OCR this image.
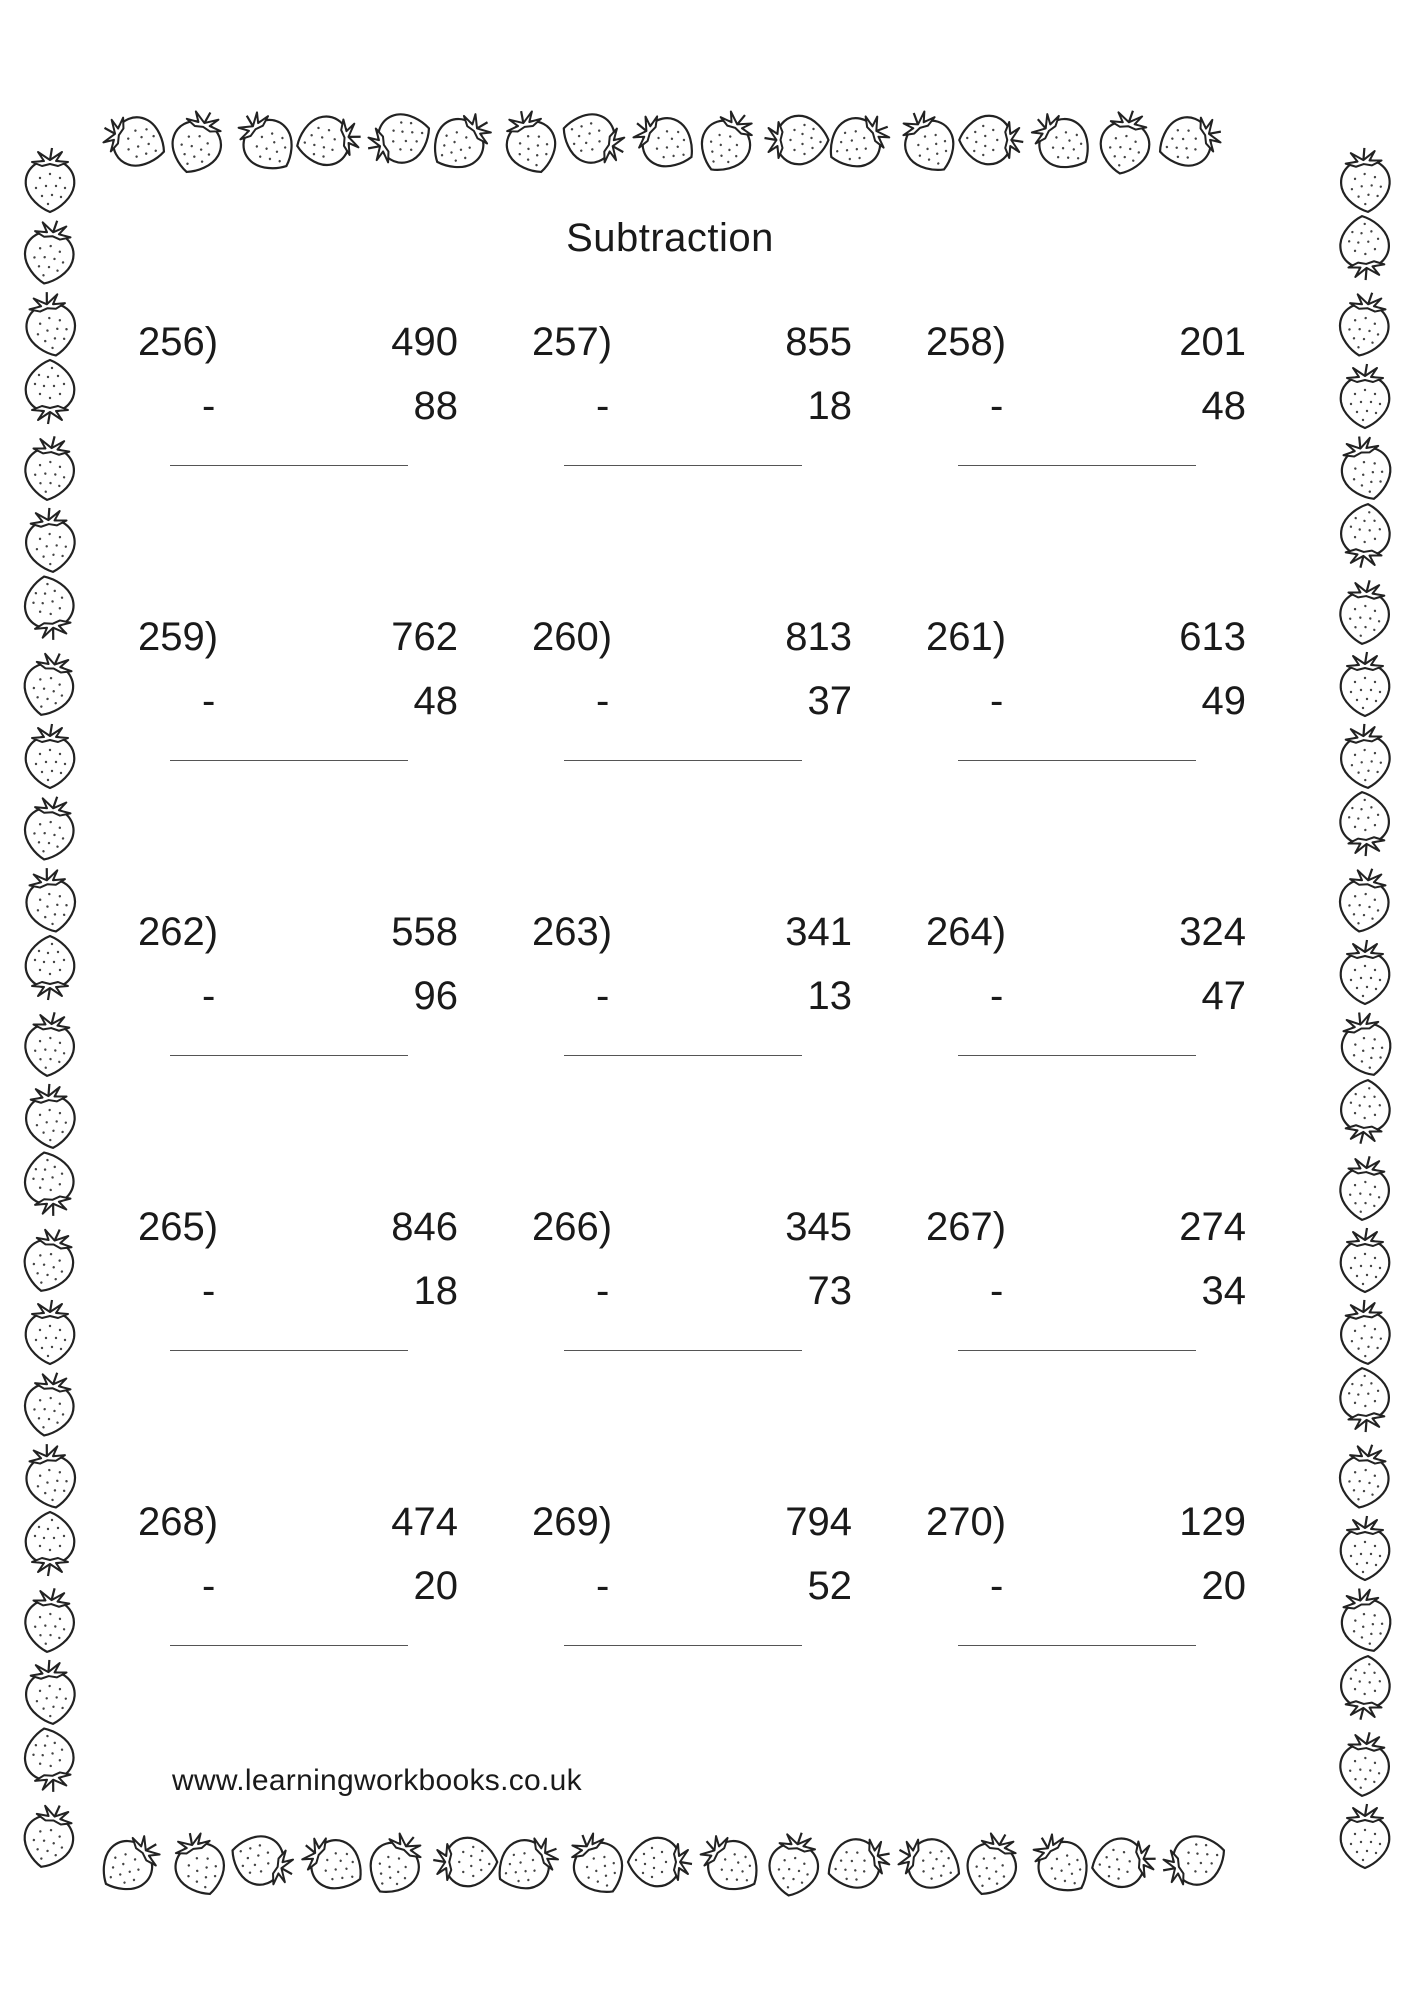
Subtraction
256)	490
-	88
257)	855
-	18
258)	201
-	48
259)	762
-	48
260)	813
-	37
261)	613
-	49
262)	558
-	96
263)	341
-	13
264)	324
-	47
265)	846
-	18
266)	345
-	73
267)	274
-	34
268)	474
-	20
269)	794
-	52
270)	129
-	20
www.learningworkbooks.co.uk
